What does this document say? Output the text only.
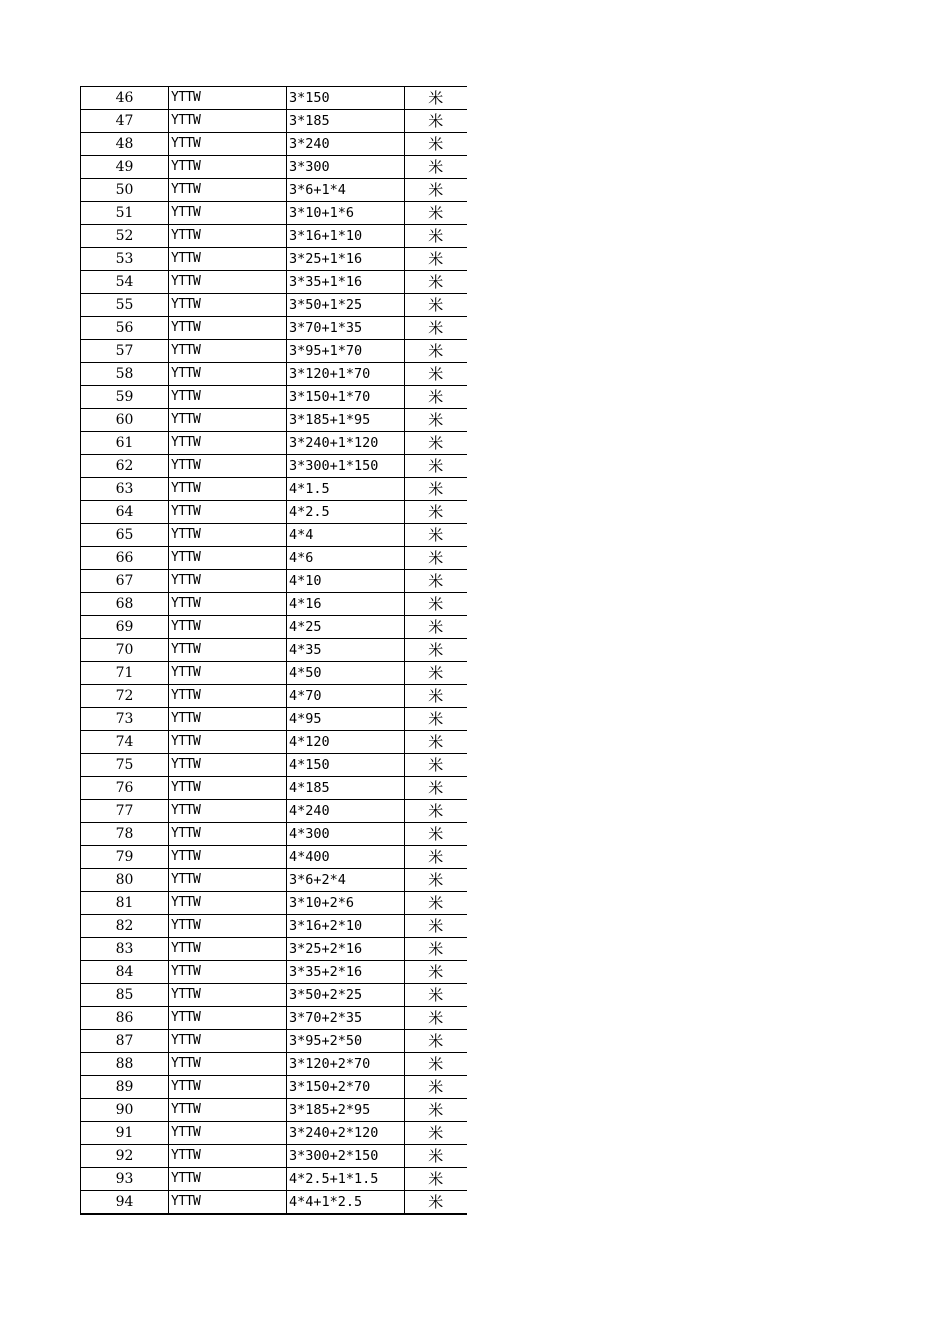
46	YTTW	3*150	米
47	YTTW	3*185	米
48	YTTW	3*240	米
49	YTTW	3*300	米
50	YTTW	3*6+1*4	米
51	YTTW	3*10+1*6	米
52	YTTW	3*16+1*10	米
53	YTTW	3*25+1*16	米
54	YTTW	3*35+1*16	米
55	YTTW	3*50+1*25	米
56	YTTW	3*70+1*35	米
57	YTTW	3*95+1*70	米
58	YTTW	3*120+1*70	米
59	YTTW	3*150+1*70	米
60	YTTW	3*185+1*95	米
61	YTTW	3*240+1*120	米
62	YTTW	3*300+1*150	米
63	YTTW	4*1.5	米
64	YTTW	4*2.5	米
65	YTTW	4*4	米
66	YTTW	4*6	米
67	YTTW	4*10	米
68	YTTW	4*16	米
69	YTTW	4*25	米
70	YTTW	4*35	米
71	YTTW	4*50	米
72	YTTW	4*70	米
73	YTTW	4*95	米
74	YTTW	4*120	米
75	YTTW	4*150	米
76	YTTW	4*185	米
77	YTTW	4*240	米
78	YTTW	4*300	米
79	YTTW	4*400	米
80	YTTW	3*6+2*4	米
81	YTTW	3*10+2*6	米
82	YTTW	3*16+2*10	米
83	YTTW	3*25+2*16	米
84	YTTW	3*35+2*16	米
85	YTTW	3*50+2*25	米
86	YTTW	3*70+2*35	米
87	YTTW	3*95+2*50	米
88	YTTW	3*120+2*70	米
89	YTTW	3*150+2*70	米
90	YTTW	3*185+2*95	米
91	YTTW	3*240+2*120	米
92	YTTW	3*300+2*150	米
93	YTTW	4*2.5+1*1.5	米
94	YTTW	4*4+1*2.5	米
